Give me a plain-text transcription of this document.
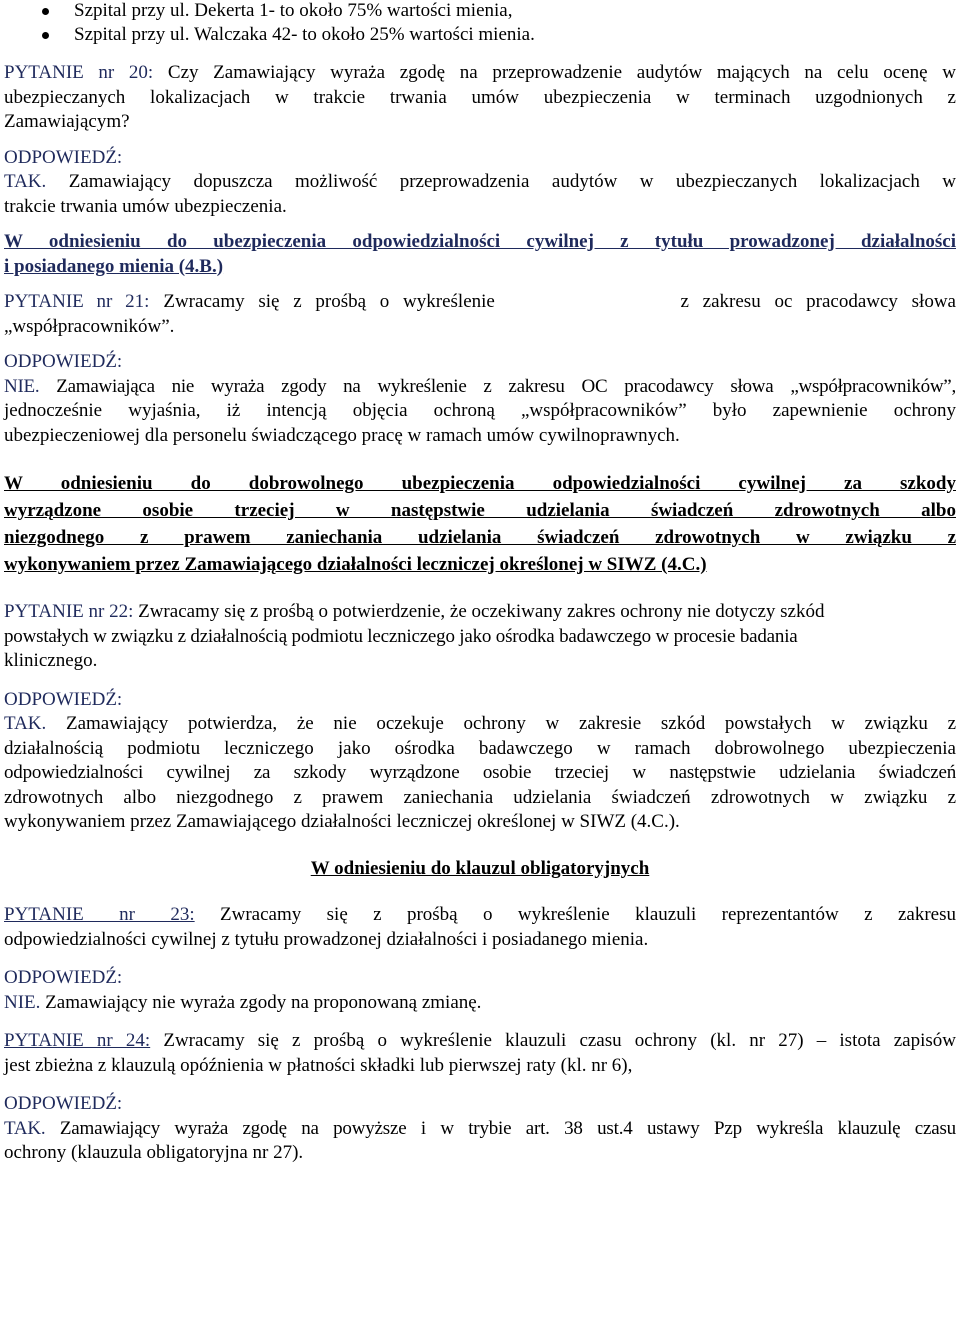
Szpital przy ul. Dekerta 1- to około 75% wartości mienia,
Szpital przy ul. Walczaka 42- to około 25% wartości mienia.

PYTANIE nr 20: Czy Zamawiający wyraża zgodę na przeprowadzenie audytów mających na celu ocenę w

ubezpieczanych lokalizacjach w trakcie trwania umów ubezpieczenia w terminach uzgodnionych z

Zamawiającym?

ODPOWIEDŹ:

TAK. Zamawiający dopuszcza możliwość przeprowadzenia audytów w ubezpieczanych lokalizacjach w

trakcie trwania umów ubezpieczenia.

W odniesieniu do ubezpieczenia odpowiedzialności cywilnej z tytułu prowadzonej działalności

i posiadanego mienia (4.B.)

PYTANIE nr 21: Zwracamy się z prośbą o wykreślenie	z zakresu oc pracodawcy słowa

„współpracowników”.

ODPOWIEDŹ:

NIE. Zamawiająca nie wyraża zgody na wykreślenie z zakresu OC pracodawcy słowa „współpracowników”,

jednocześnie wyjaśnia, iż intencją objęcia ochroną „współpracowników” było zapewnienie ochrony

ubezpieczeniowej dla personelu świadczącego pracę w ramach umów cywilnoprawnych.

W odniesieniu do dobrowolnego ubezpieczenia odpowiedzialności cywilnej za szkody

wyrządzone osobie trzeciej w następstwie udzielania świadczeń zdrowotnych albo

niezgodnego z prawem zaniechania udzielania świadczeń zdrowotnych w związku z

wykonywaniem przez Zamawiającego działalności leczniczej określonej w SIWZ (4.C.)

PYTANIE nr 22: Zwracamy się z prośbą o potwierdzenie, że oczekiwany zakres ochrony nie dotyczy szkód

powstałych w związku z działalnością podmiotu leczniczego jako ośrodka badawczego w procesie badania

klinicznego.

ODPOWIEDŹ:

TAK. Zamawiający potwierdza, że nie oczekuje ochrony w zakresie szkód powstałych w związku z

działalnością podmiotu leczniczego jako ośrodka badawczego w ramach dobrowolnego ubezpieczenia

odpowiedzialności cywilnej za szkody wyrządzone osobie trzeciej w następstwie udzielania świadczeń

zdrowotnych albo niezgodnego z prawem zaniechania udzielania świadczeń zdrowotnych w związku z

wykonywaniem przez Zamawiającego działalności leczniczej określonej w SIWZ (4.C.).

W odniesieniu do klauzul obligatoryjnych

PYTANIE nr 23: Zwracamy się z prośbą o wykreślenie klauzuli reprezentantów z zakresu

odpowiedzialności cywilnej z tytułu prowadzonej działalności i posiadanego mienia.

ODPOWIEDŹ:

NIE. Zamawiający nie wyraża zgody na proponowaną zmianę.

PYTANIE nr 24: Zwracamy się z prośbą o wykreślenie klauzuli czasu ochrony (kl. nr 27) – istota zapisów

jest zbieżna z klauzulą opóźnienia w płatności składki lub pierwszej raty (kl. nr 6),

ODPOWIEDŹ:

TAK. Zamawiający wyraża zgodę na powyższe i w trybie art. 38 ust.4 ustawy Pzp wykreśla klauzulę czasu

ochrony (klauzula obligatoryjna nr 27).
